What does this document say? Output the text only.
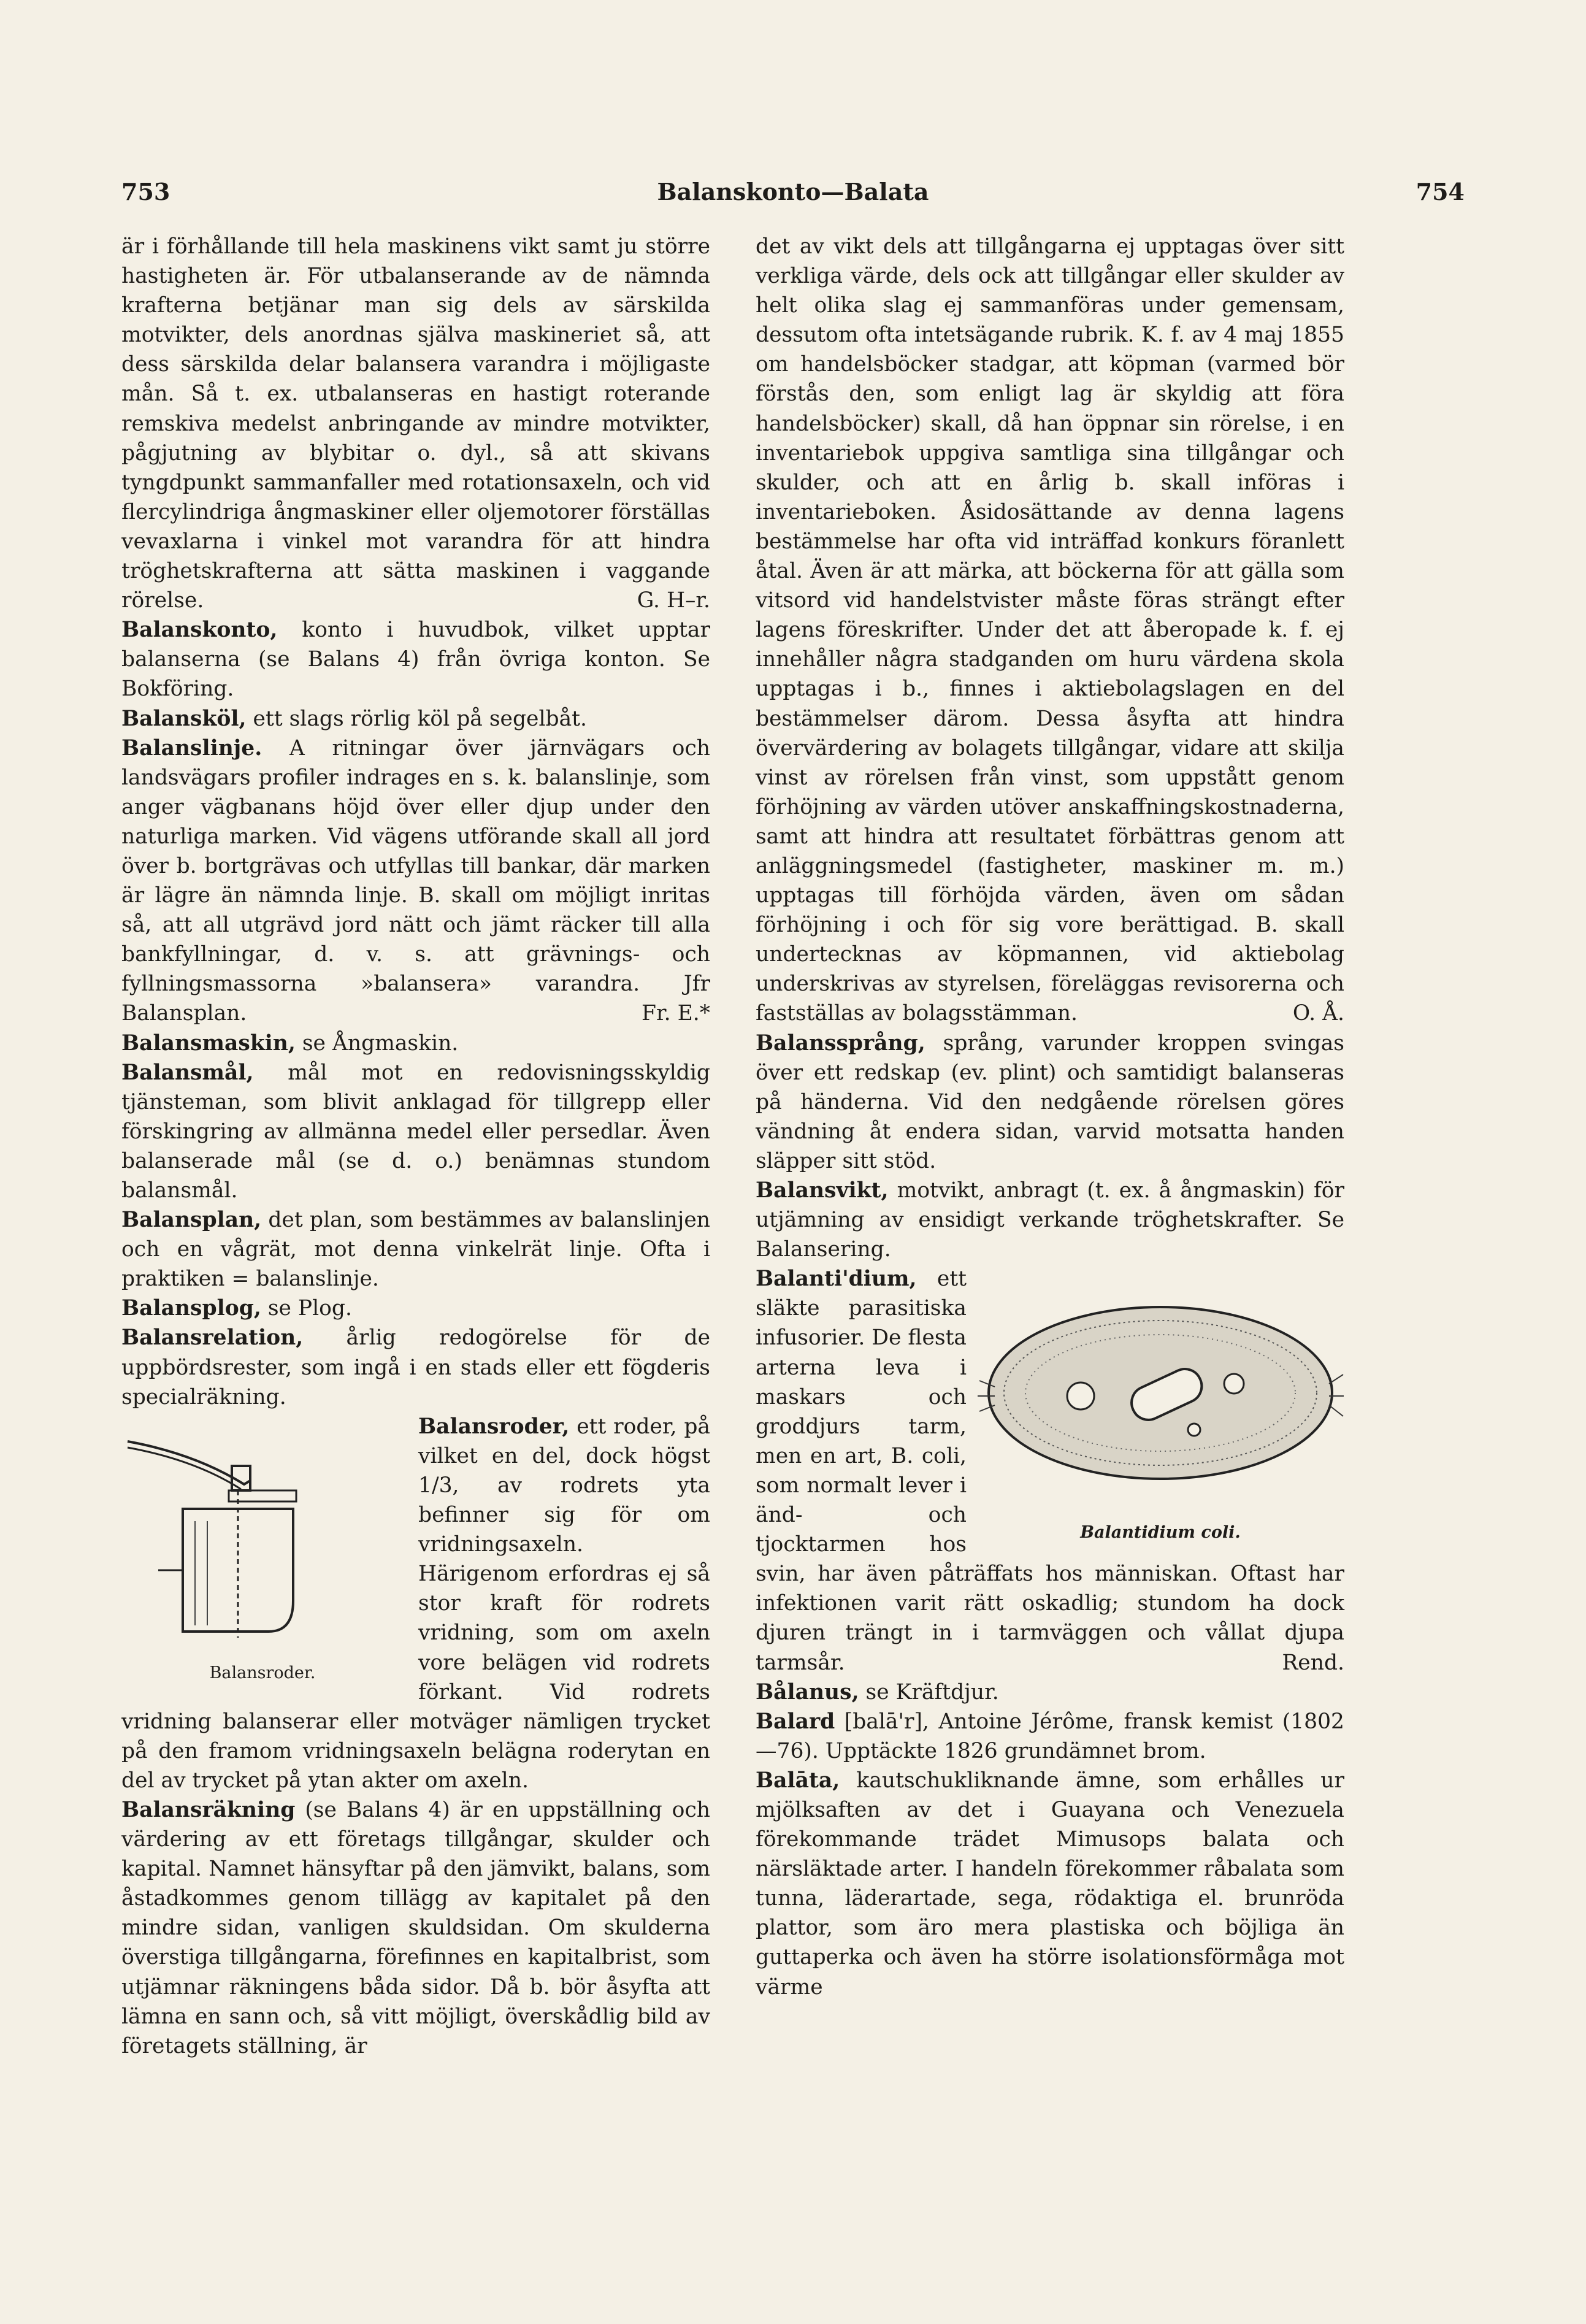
753	Balanskonto—Balata	754

är i förhållande till hela maskinens vikt samt ju större hastigheten är. För utbalanserande av de nämnda krafterna betjänar man sig dels av särskilda motvikter, dels anordnas själva maskineriet så, att dess särskilda delar balansera varandra i möjligaste mån. Så t. ex. utbalanseras en hastigt roterande remskiva medelst anbringande av mindre motvikter, pågjutning av blybitar o. dyl., så att skivans tyngdpunkt sammanfaller med rotationsaxeln, och vid flercylindriga ångmaskiner eller oljemotorer förställas vevaxlarna i vinkel mot varandra för att hindra tröghetskrafterna att sätta maskinen i vaggande rörelse.	G. H–r.

Balanskonto, konto i huvudbok, vilket upptar balanserna (se Balans 4) från övriga konton. Se Bokföring.

Balansköl, ett slags rörlig köl på segelbåt.

Balanslinje. A ritningar över järnvägars och landsvägars profiler indrages en s. k. balanslinje, som anger vägbanans höjd över eller djup under den naturliga marken. Vid vägens utförande skall all jord över b. bortgrävas och utfyllas till bankar, där marken är lägre än nämnda linje. B. skall om möjligt inritas så, att all utgrävd jord nätt och jämt räcker till alla bankfyllningar, d. v. s. att grävnings- och fyllningsmassorna »balansera» varandra. Jfr Balansplan.	Fr. E.*

Balansmaskin, se Ångmaskin.

Balansmål, mål mot en redovisningsskyldig tjänsteman, som blivit anklagad för tillgrepp eller förskingring av allmänna medel eller persedlar. Även balanserade mål (se d. o.) benämnas stundom balansmål.

Balansplan, det plan, som bestämmes av balanslinjen och en vågrät, mot denna vinkelrät linje. Ofta i praktiken = balanslinje.

Balansplog, se Plog.

Balansrelation, årlig redogörelse för de uppbördsrester, som ingå i en stads eller ett fögderis specialräkning.

Balansroder.
Balansroder, ett roder, på vilket en del, dock högst 1/3, av rodrets yta befinner sig för om vridningsaxeln. Härigenom erfordras ej så stor kraft för rodrets vridning, som om axeln vore belägen vid rodrets förkant. Vid rodrets vridning balanserar eller motväger nämligen trycket på den framom vridningsaxeln belägna roderytan en del av trycket på ytan akter om axeln.

Balansräkning (se Balans 4) är en uppställning och värdering av ett företags tillgångar, skulder och kapital. Namnet hänsyftar på den jämvikt, balans, som åstadkommes genom tillägg av kapitalet på den mindre sidan, vanligen skuldsidan. Om skulderna överstiga tillgångarna, förefinnes en kapitalbrist, som utjämnar räkningens båda sidor. Då b. bör åsyfta att lämna en sann och, så vitt möjligt, överskådlig bild av företagets ställning, är

det av vikt dels att tillgångarna ej upptagas över sitt verkliga värde, dels ock att tillgångar eller skulder av helt olika slag ej sammanföras under gemensam, dessutom ofta intetsägande rubrik. K. f. av 4 maj 1855 om handelsböcker stadgar, att köpman (varmed bör förstås den, som enligt lag är skyldig att föra handelsböcker) skall, då han öppnar sin rörelse, i en inventariebok uppgiva samtliga sina tillgångar och skulder, och att en årlig b. skall införas i inventarieboken. Åsidosättande av denna lagens bestämmelse har ofta vid inträffad konkurs föranlett åtal. Även är att märka, att böckerna för att gälla som vitsord vid handelstvister måste föras strängt efter lagens föreskrifter. Under det att åberopade k. f. ej innehåller några stadganden om huru värdena skola upptagas i b., finnes i aktiebolagslagen en del bestämmelser därom. Dessa åsyfta att hindra övervärdering av bolagets tillgångar, vidare att skilja vinst av rörelsen från vinst, som uppstått genom förhöjning av värden utöver anskaffningskostnaderna, samt att hindra att resultatet förbättras genom att anläggningsmedel (fastigheter, maskiner m. m.) upptagas till förhöjda värden, även om sådan förhöjning i och för sig vore berättigad. B. skall undertecknas av köpmannen, vid aktiebolag underskrivas av styrelsen, föreläggas revisorerna och fastställas av bolagsstämman.	O. Å.

Balanssprång, språng, varunder kroppen svingas över ett redskap (ev. plint) och samtidigt balanseras på händerna. Vid den nedgående rörelsen göres vändning åt endera sidan, varvid motsatta handen släpper sitt stöd.

Balansvikt, motvikt, anbragt (t. ex. å ångmaskin) för utjämning av ensidigt verkande tröghetskrafter. Se Balansering.

Balantidium coli.
Balanti'dium, ett släkte parasitiska infusorier. De flesta arterna leva i maskars och groddjurs tarm, men en art, B. coli, som normalt lever i änd- och tjocktarmen hos svin, har även påträffats hos människan. Oftast har infektionen varit rätt oskadlig; stundom ha dock djuren trängt in i tarmväggen och vållat djupa tarmsår.	Rend.

Bålanus, se Kräftdjur.

Balard [balā'r], Antoine Jérôme, fransk kemist (1802—76). Upptäckte 1826 grundämnet brom.

Balāta, kautschukliknande ämne, som erhålles ur mjölksaften av det i Guayana och Venezuela förekommande trädet Mimusops balata och närsläktade arter. I handeln förekommer råbalata som tunna, läderartade, sega, rödaktiga el. brunröda plattor, som äro mera plastiska och böjliga än guttaperka och även ha större isolationsförmåga mot värme
